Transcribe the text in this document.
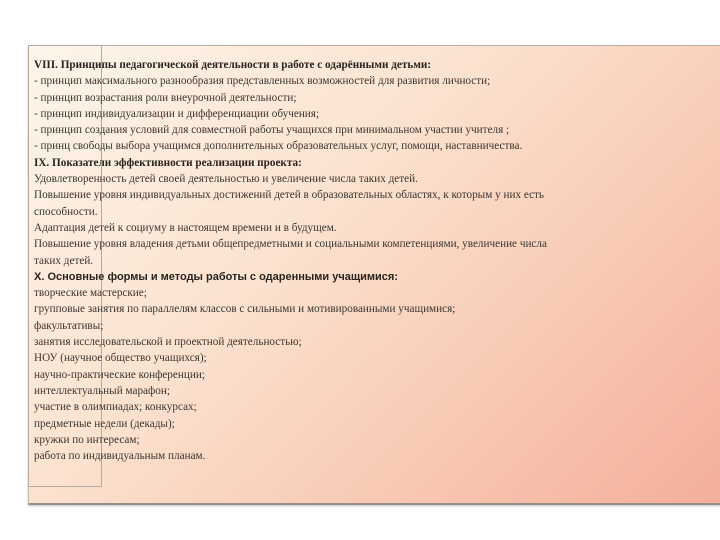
VIII. Принципы педагогической деятельности в работе с одарёнными детьми:
- принцип максимального разнообразия представленных возможностей для развития личности;
- принцип возрастания роли внеурочной деятельности;
- принцип индивидуализации и дифференциации обучения;
- принцип создания условий для совместной работы учащихся при минимальном участии учителя ;
- принц свободы выбора учащимся дополнительных образовательных услуг, помощи, наставничества.
IX. Показатели эффективности реализации проекта:
Удовлетворенность детей своей деятельностью и увеличение числа таких детей.
Повышение уровня индивидуальных достижений детей в образовательных областях, к которым у них есть
способности.
Адаптация детей к социуму в настоящем времени и в будущем.
Повышение уровня владения детьми общепредметными и социальными компетенциями, увеличение числа
таких детей.
X. Основные формы и методы работы с одаренными учащимися:
творческие мастерские;
групповые занятия по параллелям классов с сильными и мотивированными учащимися;
факультативы;
занятия исследовательской и проектной деятельностью;
НОУ (научное общество учащихся);
научно-практические конференции;
интеллектуальный марафон;
участие в олимпиадах; конкурсах;
предметные недели (декады);
кружки по интересам;
работа по индивидуальным планам.
